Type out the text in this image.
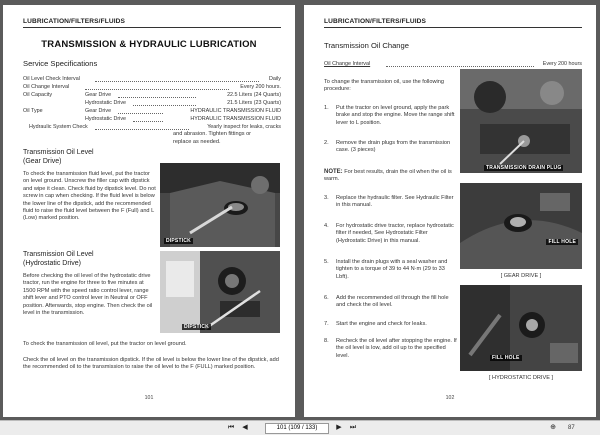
LUBRICATION/FILTERS/FLUIDS
TRANSMISSION & HYDRAULIC LUBRICATION
Service Specifications
Oil Level Check Interval	Daily
Oil Change Interval	Every 200 hours.
Oil Capacity	Gear Drive	22.5 Liters (24 Quarts)
Hydrostatic Drive	21.5 Liters (23 Quarts)
Oil Type	Gear Drive	HYDRAULIC TRANSMISSION FLUID
Hydrostatic Drive	HYDRAULIC TRANSMISSION FLUID
Hydraulic System Check	Yearly inspect for leaks, cracks
and abrasion. Tighten fittings or
replace as needed.
Transmission Oil Level
(Gear Drive)
To check the transmission fluid level, put the tractor on level ground. Unscrew the filler cap with dipstick and wipe it clean. Check fluid by dipstick level. Do not screw in cap when checking. If the fluid level is below the lower line of the dipstick, add the recommended fluid to raise the fluid level between the F (Full) and L (Low) marked position.
DIPSTICK
Transmission Oil Level
(Hydrostatic Drive)
Before checking the oil level of the hydrostatic drive tractor, run the engine for three to five minutes at 1500 RPM with the speed ratio control lever, range shift lever and PTO control lever in Neutral or OFF position. Afterwards, stop engine. Then check the oil level in the transmission.
DIPSTICK
To check the transmission oil level, put the tractor on level ground.
Check the oil level on the transmission dipstick. If the oil level is below the lower line of the dipstick, add the recommended oil to the transmission to raise the oil level to the F (FULL) marked position.
101
LUBRICATION/FILTERS/FLUIDS
Transmission Oil Change
Oil Change Interval	Every 200 hours
To change the transmission oil, use the following procedure:
1. Put the tractor on level ground, apply the park brake and stop the engine. Move the range shift lever to L position.
2. Remove the drain plugs from the transmission case. (3 pieces)
NOTE: For best results, drain the oil when the oil is warm.
3. Replace the hydraulic filter. See Hydraulic Filter in this manual.
4. For hydrostatic drive tractor, replace hydrostatic filter if needed, See Hydrostatic Filter (Hydrostatic Drive) in this manual.
5. Install the drain plugs with a seal washer and tighten to a torque of 39 to 44 N·m (29 to 33 Lbft).
6. Add the recommended oil through the fill hole and check the oil level.
7. Start the engine and check for leaks.
8. Recheck the oil level after stopping the engine. If the oil level is low, add oil up to the specified level.
TRANSMISSION DRAIN PLUG
FILL HOLE
[ GEAR DRIVE ]
FILL HOLE
[ HYDROSTATIC DRIVE ]
102
⏮	◀
101 (109 / 133)	▶	⏭	⊕	87
